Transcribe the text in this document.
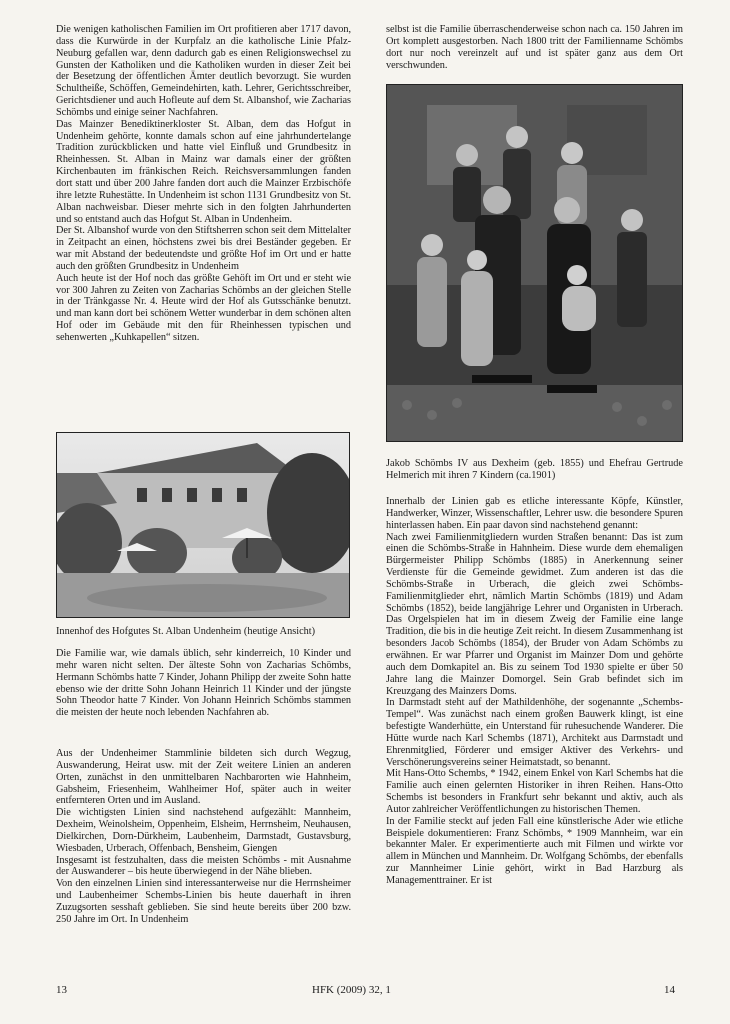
Die wenigen katholischen Familien im Ort profitieren aber 1717 davon, dass die Kurwürde in der Kurpfalz an die katholische Linie Pfalz-Neuburg gefallen war, denn dadurch gab es einen Religionswechsel zu Gunsten der Katholiken und die Katholiken wurden in dieser Zeit bei der Besetzung der öffentlichen Ämter deutlich bevorzugt. Sie wurden Schultheiße, Schöffen, Gemeindehirten, kath. Lehrer, Gerichtsschreiber, Gerichtsdiener und auch Hofleute auf dem St. Albanshof, wie Zacharias Schömbs und einige seiner Nachfahren.

Das Mainzer Benediktinerkloster St. Alban, dem das Hofgut in Undenheim gehörte, konnte damals schon auf eine jahrhundertelange Tradition zurückblicken und hatte viel Einfluß und Grundbesitz in Rheinhessen. St. Alban in Mainz war damals einer der größten Kirchenbauten im fränkischen Reich. Reichsversammlungen fanden dort statt und über 200 Jahre fanden dort auch die Mainzer Erzbischöfe ihre letzte Ruhestätte. In Undenheim ist schon 1131 Grundbesitz von St. Alban nachweisbar. Dieser mehrte sich in den folgten Jahrhunderten und so entstand auch das Hofgut St. Alban in Undenheim.

Der St. Albanshof wurde von den Stiftsherren schon seit dem Mittelalter in Zeitpacht an einen, höchstens zwei bis drei Beständer gegeben. Er war mit Abstand der bedeutendste und größte Hof im Ort und er hatte auch den größten Grundbesitz in Undenheim

Auch heute ist der Hof noch das größte Gehöft im Ort und er steht wie vor 300 Jahren zu Zeiten von Zacharias Schömbs an der gleichen Stelle in der Tränkgasse Nr. 4. Heute wird der Hof als Gutsschänke benutzt. und man kann dort bei schönem Wetter wunderbar in dem schönen alten Hof oder im Gebäude mit den für Rheinhessen typischen und sehenwerten „Kuhkapellen“ sitzen.

Innenhof des Hofgutes St. Alban Undenheim (heutige Ansicht)

Die Familie war, wie damals üblich, sehr kinderreich, 10 Kinder und mehr waren nicht selten. Der älteste Sohn von Zacharias Schömbs, Hermann Schömbs hatte 7 Kinder, Johann Philipp der zweite Sohn hatte ebenso wie der dritte Sohn Johann Heinrich 11 Kinder und der jüngste Sohn Theodor hatte 7 Kinder. Von Johann Heinrich Schömbs stammen die meisten der heute noch lebenden Nachfahren ab.

Aus der Undenheimer Stammlinie bildeten sich durch Wegzug, Auswanderung, Heirat usw. mit der Zeit weitere Linien an anderen Orten, zunächst in den unmittelbaren Nachbarorten wie Hahnheim, Gabsheim, Friesenheim, Wahlheimer Hof, später auch in weiter entfernteren Orten und im Ausland.

Die wichtigsten Linien sind nachstehend aufgezählt: Mannheim, Dexheim, Weinolsheim, Oppenheim, Elsheim, Herrnsheim, Neuhausen, Dielkirchen, Dorn-Dürkheim, Laubenheim, Darmstadt, Gustavsburg, Wiesbaden, Urberach, Offenbach, Bensheim, Giengen

Insgesamt ist festzuhalten, dass die meisten Schömbs - mit Ausnahme der Auswanderer – bis heute überwiegend in der Nähe blieben.

Von den einzelnen Linien sind interessanterweise nur die Herrnsheimer und Laubenheimer Schembs-Linien bis heute dauerhaft in ihren Zuzugsorten sesshaft geblieben. Sie sind heute bereits über 200 bzw. 250 Jahre im Ort. In Undenheim

selbst ist die Familie überraschenderweise schon nach ca. 150 Jahren im Ort komplett ausgestorben. Nach 1800 tritt der Familienname Schömbs dort nur noch vereinzelt auf und ist später ganz aus dem Ort verschwunden.

Jakob Schömbs IV aus Dexheim (geb. 1855) und Ehefrau Gertrude Helmerich mit ihren 7 Kindern (ca.1901)

Innerhalb der Linien gab es etliche interessante Köpfe, Künstler, Handwerker, Winzer, Wissenschaftler, Lehrer usw. die besondere Spuren hinterlassen haben. Ein paar davon sind nachstehend genannt:

Nach zwei Familienmitgliedern wurden Straßen benannt: Das ist zum einen die Schömbs-Straße in Hahnheim. Diese wurde dem ehemaligen Bürgermeister Philipp Schömbs (1885) in Anerkennung seiner Verdienste für die Gemeinde gewidmet. Zum anderen ist das die Schömbs-Straße in Urberach, die gleich zwei Schömbs-Familienmitglieder ehrt, nämlich Martin Schömbs (1819) und Adam Schömbs (1852), beide langjährige Lehrer und Organisten in Urberach. Das Orgelspielen hat im in diesem Zweig der Familie eine lange Tradition, die bis in die heutige Zeit reicht. In diesem Zusammenhang ist besonders Jacob Schömbs (1854), der Bruder von Adam Schömbs zu erwähnen. Er war Pfarrer und Organist im Mainzer Dom und gehörte auch dem Domkapitel an. Bis zu seinem Tod 1930 spielte er über 50 Jahre lang die Mainzer Domorgel. Sein Grab befindet sich im Kreuzgang des Mainzers Doms.

In Darmstadt steht auf der Mathildenhöhe, der sogenannte „Schembs-Tempel“. Was zunächst nach einem großen Bauwerk klingt, ist eine befestigte Wanderhütte, ein Unterstand für ruhesuchende Wanderer. Die Hütte wurde nach Karl Schembs (1871), Architekt aus Darmstadt und Ehrenmitglied, Förderer und emsiger Aktiver des Verkehrs- und Verschönerungsvereins seiner Heimatstadt, so benannt.

Mit Hans-Otto Schembs, * 1942, einem Enkel von Karl Schembs hat die Familie auch einen gelernten Historiker in ihren Reihen. Hans-Otto Schembs ist besonders in Frankfurt sehr bekannt und aktiv, auch als Autor zahlreicher Veröffentlichungen zu historischen Themen.

In der Familie steckt auf jeden Fall eine künstlerische Ader wie etliche Beispiele dokumentieren: Franz Schömbs, * 1909 Mannheim, war ein bekannter Maler. Er experimentierte auch mit Filmen und wirkte vor allem in München und Mannheim. Dr. Wolfgang Schömbs, der ebenfalls zur Mannheimer Linie gehört, wirkt in Bad Harzburg als Managementtrainer. Er ist

13	HFK (2009) 32, 1	14
